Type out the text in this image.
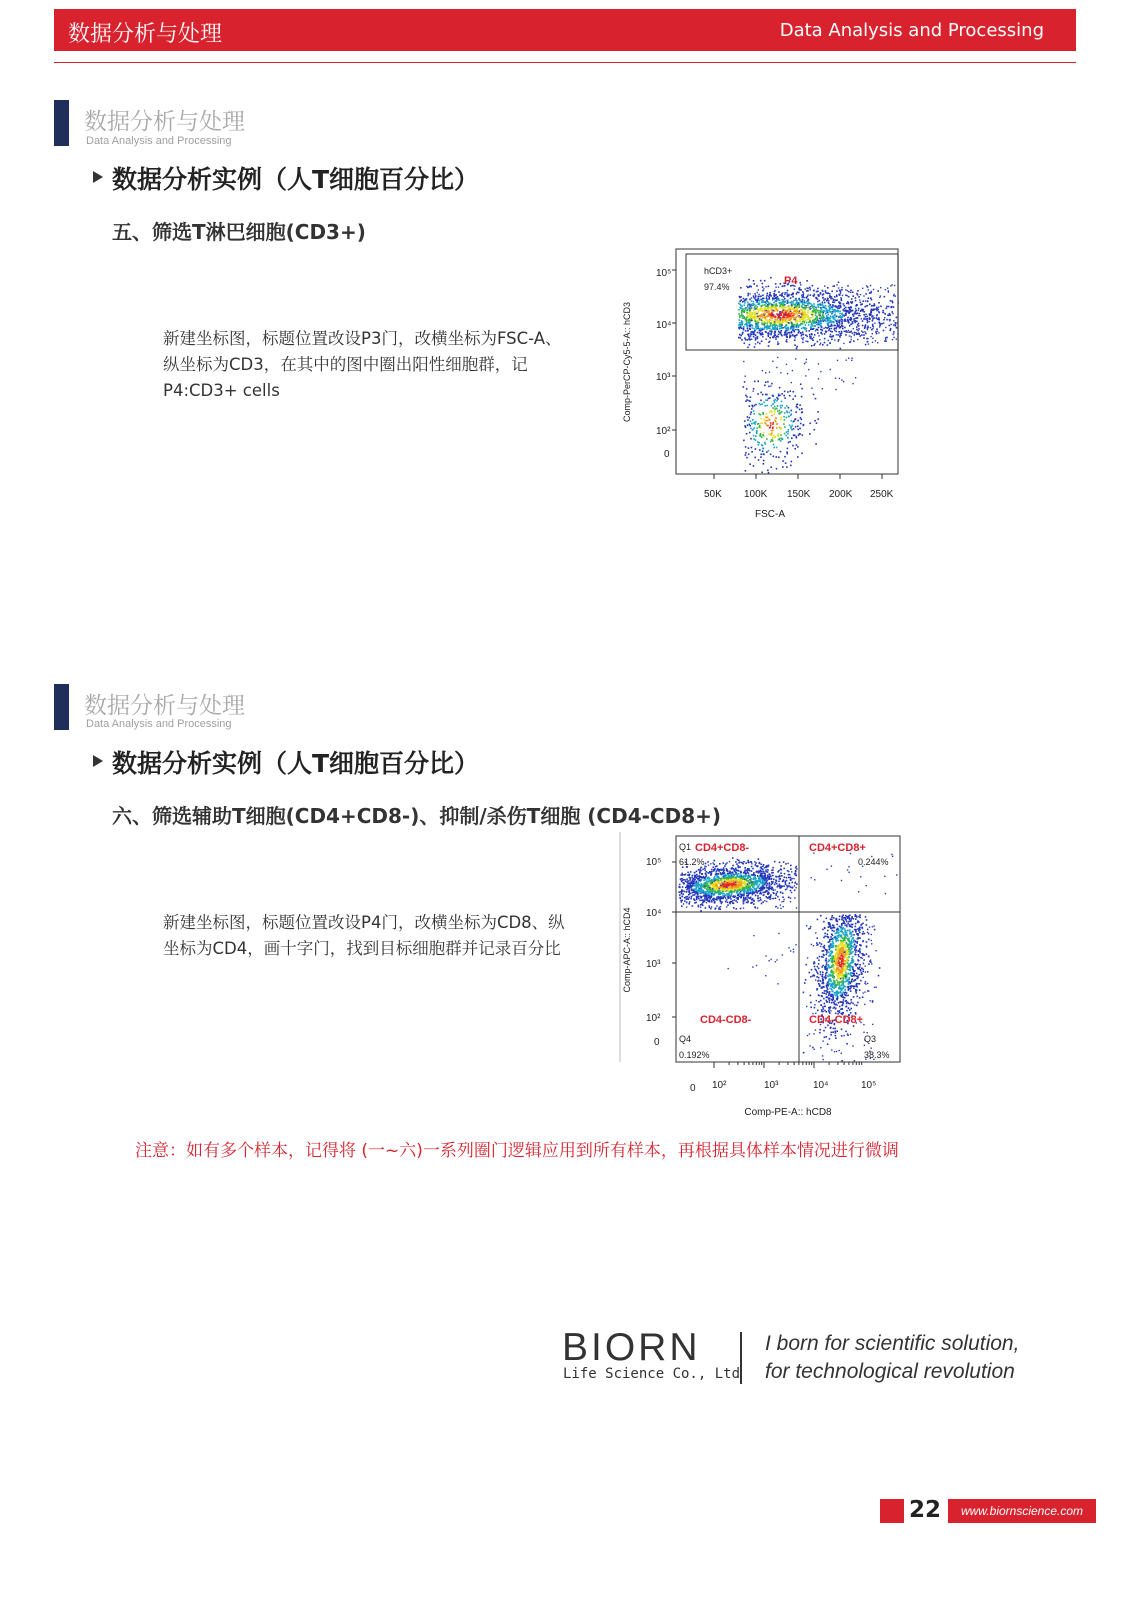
数据分析与处理	Data Analysis and Processing
数据分析与处理
Data Analysis and Processing
数据分析实例（人T细胞百分比）
五、筛选T淋巴细胞(CD3+)
新建坐标图，标题位置改设P3门，改横坐标为FSC-A、纵坐标为CD3，在其中的图中圈出阳性细胞群，记P4:CD3+ cells
hCD3+
97.4%	P4
10⁵
10⁴
10³
10²
0
50K 100K 150K 200K 250K
FSC-A
Comp-PerCP-Cy5-5-A:: hCD3
数据分析与处理
Data Analysis and Processing
数据分析实例（人T细胞百分比）
六、筛选辅助T细胞(CD4+CD8-)、抑制/杀伤T细胞 (CD4-CD8+)
新建坐标图，标题位置改设P4门，改横坐标为CD8、纵坐标为CD4，画十字门，找到目标细胞群并记录百分比
Q1 CD4+CD8-
61.2%
CD4+CD8+
0.244%
CD4-CD8-
Q4
0.192%
CD4-CD8+
Q3
38.3%
10⁵
10⁴
10³
10²
0
0 10²	10³	10⁴	10⁵
Comp-PE-A:: hCD8
Comp-APC-A:: hCD4
注意：如有多个样本，记得将 (一~六)一系列圈门逻辑应用到所有样本，再根据具体样本情况进行微调
BIORN
Life Science Co., Ltd
I born for scientific solution,
for technological revolution
22	www.biornscience.com
